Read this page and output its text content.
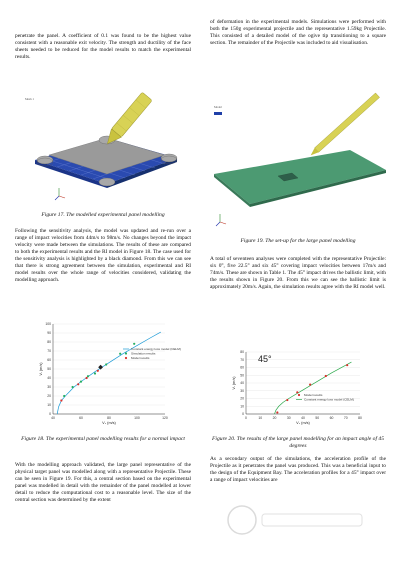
penetrate the panel. A coefficient of 0.1 was found to be the highest value consistent with a reasonable exit velocity. The strength and ductility of the face sheets needed to be reduced for the model results to match the experimental results.

Mesh 1

Figure 17. The modelled experimental panel modelling

Following the sensitivity analysis, the model was updated and re-run over a range of impact velocities from 44m/s to 98m/s. No changes beyond the impact velocity were made between the simulations. The results of these are compared to both the experimental results and the RI model in Figure 18. The case used for the sensitivity analysis is highlighted by a black diamond. From this we can see that there is strong agreement between the simulation, experimental and RI model results over the whole range of velocities considered, validating the modelling approach.

40	60	80	100	120
0
10
20
30
40
50
60
70
80
90
100
Vₛ (m/s)
Vᵣ (m/s)
Constant energy loss model (CELM)
Simulation results
Model results

Figure 18. The experimental panel modelling results for a normal impact

With the modelling approach validated, the large panel representative of the physical target panel was modelled along with a representative Projectile. These can be seen in Figure 19. For this, a central section based on the experimental panel was modelled in detail with the remainder of the panel modelled at lower detail to reduce the computational cost to a reasonable level. The size of the central section was determined by the extent

of deformation in the experimental models. Simulations were performed with both the 150g experimental projectile and the representative 1.59kg Projectile. This consisted of a detailed model of the ogive tip transitioning to a square section. The remainder of the Projectile was included to aid visualisation.

Model

Figure 19. The set-up for the large panel modelling

A total of seventeen analyses were completed with the representative Projectile: six 0°, five 22.5° and six 45° covering impact velocities between 17m/s and 74m/s. These are shown in Table 1. The 45° impact drives the ballistic limit, with the results shown in Figure 20. From this we can see the ballistic limit is approximately 20m/s. Again, the simulation results agree with the RI model well.

0	10	20	30	40	50	60	70	80
0
10
20
30
40
50
60
70
80
Vₛ (m/s)
Vᵣ (m/s)
45°
Model results
Constant energy loss model (CELM)

Figure 20. The results of the large panel modelling for an impact angle of 45 degrees

As a secondary output of the simulations, the acceleration profile of the Projectile as it penetrates the panel was produced. This was a beneficial input to the design of the Equipment Bay. The acceleration profiles for a 45° impact over a range of impact velocities are
